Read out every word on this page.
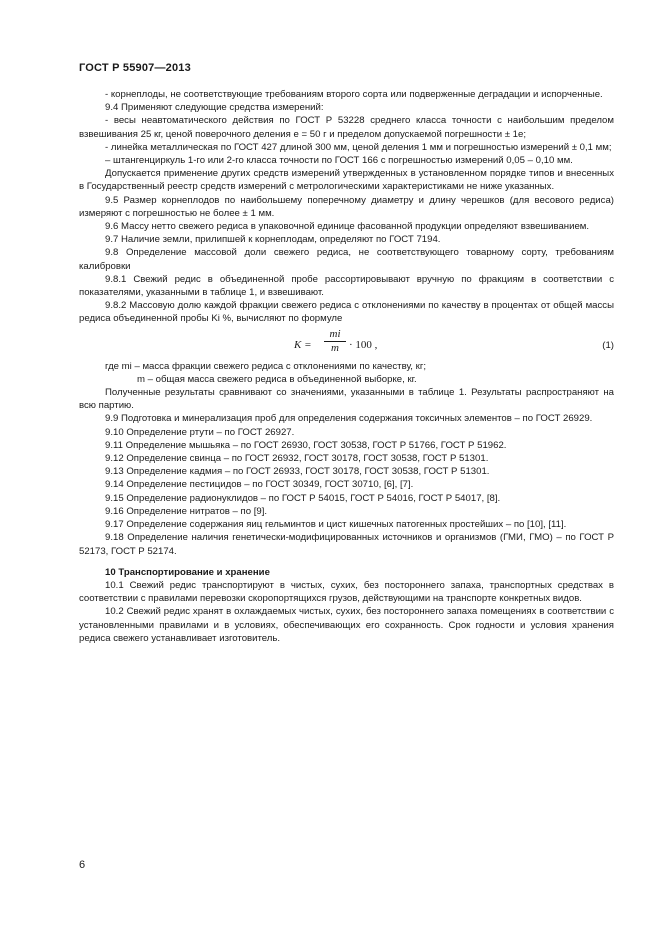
ГОСТ Р 55907—2013

- корнеплоды, не соответствующие требованиям второго сорта или подверженные деградации и испорченные.

9.4 Применяют следующие средства измерений:

- весы неавтоматического действия по ГОСТ Р 53228 среднего класса точности с наибольшим пределом взвешивания 25 кг, ценой поверочного деления е = 50 г и пределом допускаемой погрешности ± 1е;

- линейка металлическая по ГОСТ 427 длиной 300 мм, ценой деления 1 мм и погрешностью измерений ± 0,1 мм;

– штангенциркуль 1-го или 2-го класса точности по ГОСТ 166 с погрешностью измерений 0,05 – 0,10 мм.

Допускается применение других средств измерений утвержденных в установленном порядке типов и внесенных в Государственный реестр средств измерений с метрологическими характеристиками не ниже указанных.

9.5 Размер корнеплодов по наибольшему поперечному диаметру и длину черешков (для весового редиса) измеряют с погрешностью не более ± 1 мм.

9.6 Массу нетто свежего редиса в упаковочной единице фасованной продукции определяют взвешиванием.

9.7 Наличие земли, прилипшей к корнеплодам, определяют по ГОСТ 7194.

9.8 Определение массовой доли свежего редиса, не соответствующего товарному сорту, требованиям калибровки

9.8.1 Свежий редис в объединенной пробе рассортировывают вручную по фракциям в соответствии с показателями, указанными в таблице 1, и взвешивают.

9.8.2 Массовую долю каждой фракции свежего редиса с отклонениями по качеству в процентах от общей массы редиса объединенной пробы Ki %, вычисляют по формуле

$K = \frac{mi}{m} \cdot 100$ ,	(1)

где mi – масса фракции свежего редиса с отклонениями по качеству, кг;

m – общая масса свежего редиса в объединенной выборке, кг.

Полученные результаты сравнивают со значениями, указанными в таблице 1. Результаты распространяют на всю партию.

9.9 Подготовка и минерализация проб для определения содержания токсичных элементов – по ГОСТ 26929.

9.10 Определение ртути – по ГОСТ 26927.

9.11 Определение мышьяка – по ГОСТ 26930, ГОСТ 30538, ГОСТ Р 51766, ГОСТ Р 51962.

9.12 Определение свинца – по ГОСТ 26932, ГОСТ 30178, ГОСТ 30538, ГОСТ Р 51301.

9.13 Определение кадмия – по ГОСТ 26933, ГОСТ 30178, ГОСТ 30538, ГОСТ Р 51301.

9.14 Определение пестицидов – по ГОСТ 30349, ГОСТ 30710, [6], [7].

9.15 Определение радионуклидов – по ГОСТ Р 54015, ГОСТ Р 54016, ГОСТ Р 54017, [8].

9.16 Определение нитратов – по [9].

9.17 Определение содержания яиц гельминтов и цист кишечных патогенных простейших – по [10], [11].

9.18 Определение наличия генетически-модифицированных источников и организмов (ГМИ, ГМО) – по ГОСТ Р 52173, ГОСТ Р 52174.

10 Транспортирование и хранение

10.1 Свежий редис транспортируют в чистых, сухих, без постороннего запаха, транспортных средствах в соответствии с правилами перевозки скоропортящихся грузов, действующими на транспорте конкретных видов.

10.2 Свежий редис хранят в охлаждаемых чистых, сухих, без постороннего запаха помещениях в соответствии с установленными правилами и в условиях, обеспечивающих его сохранность. Срок годности и условия хранения редиса свежего устанавливает изготовитель.

6
